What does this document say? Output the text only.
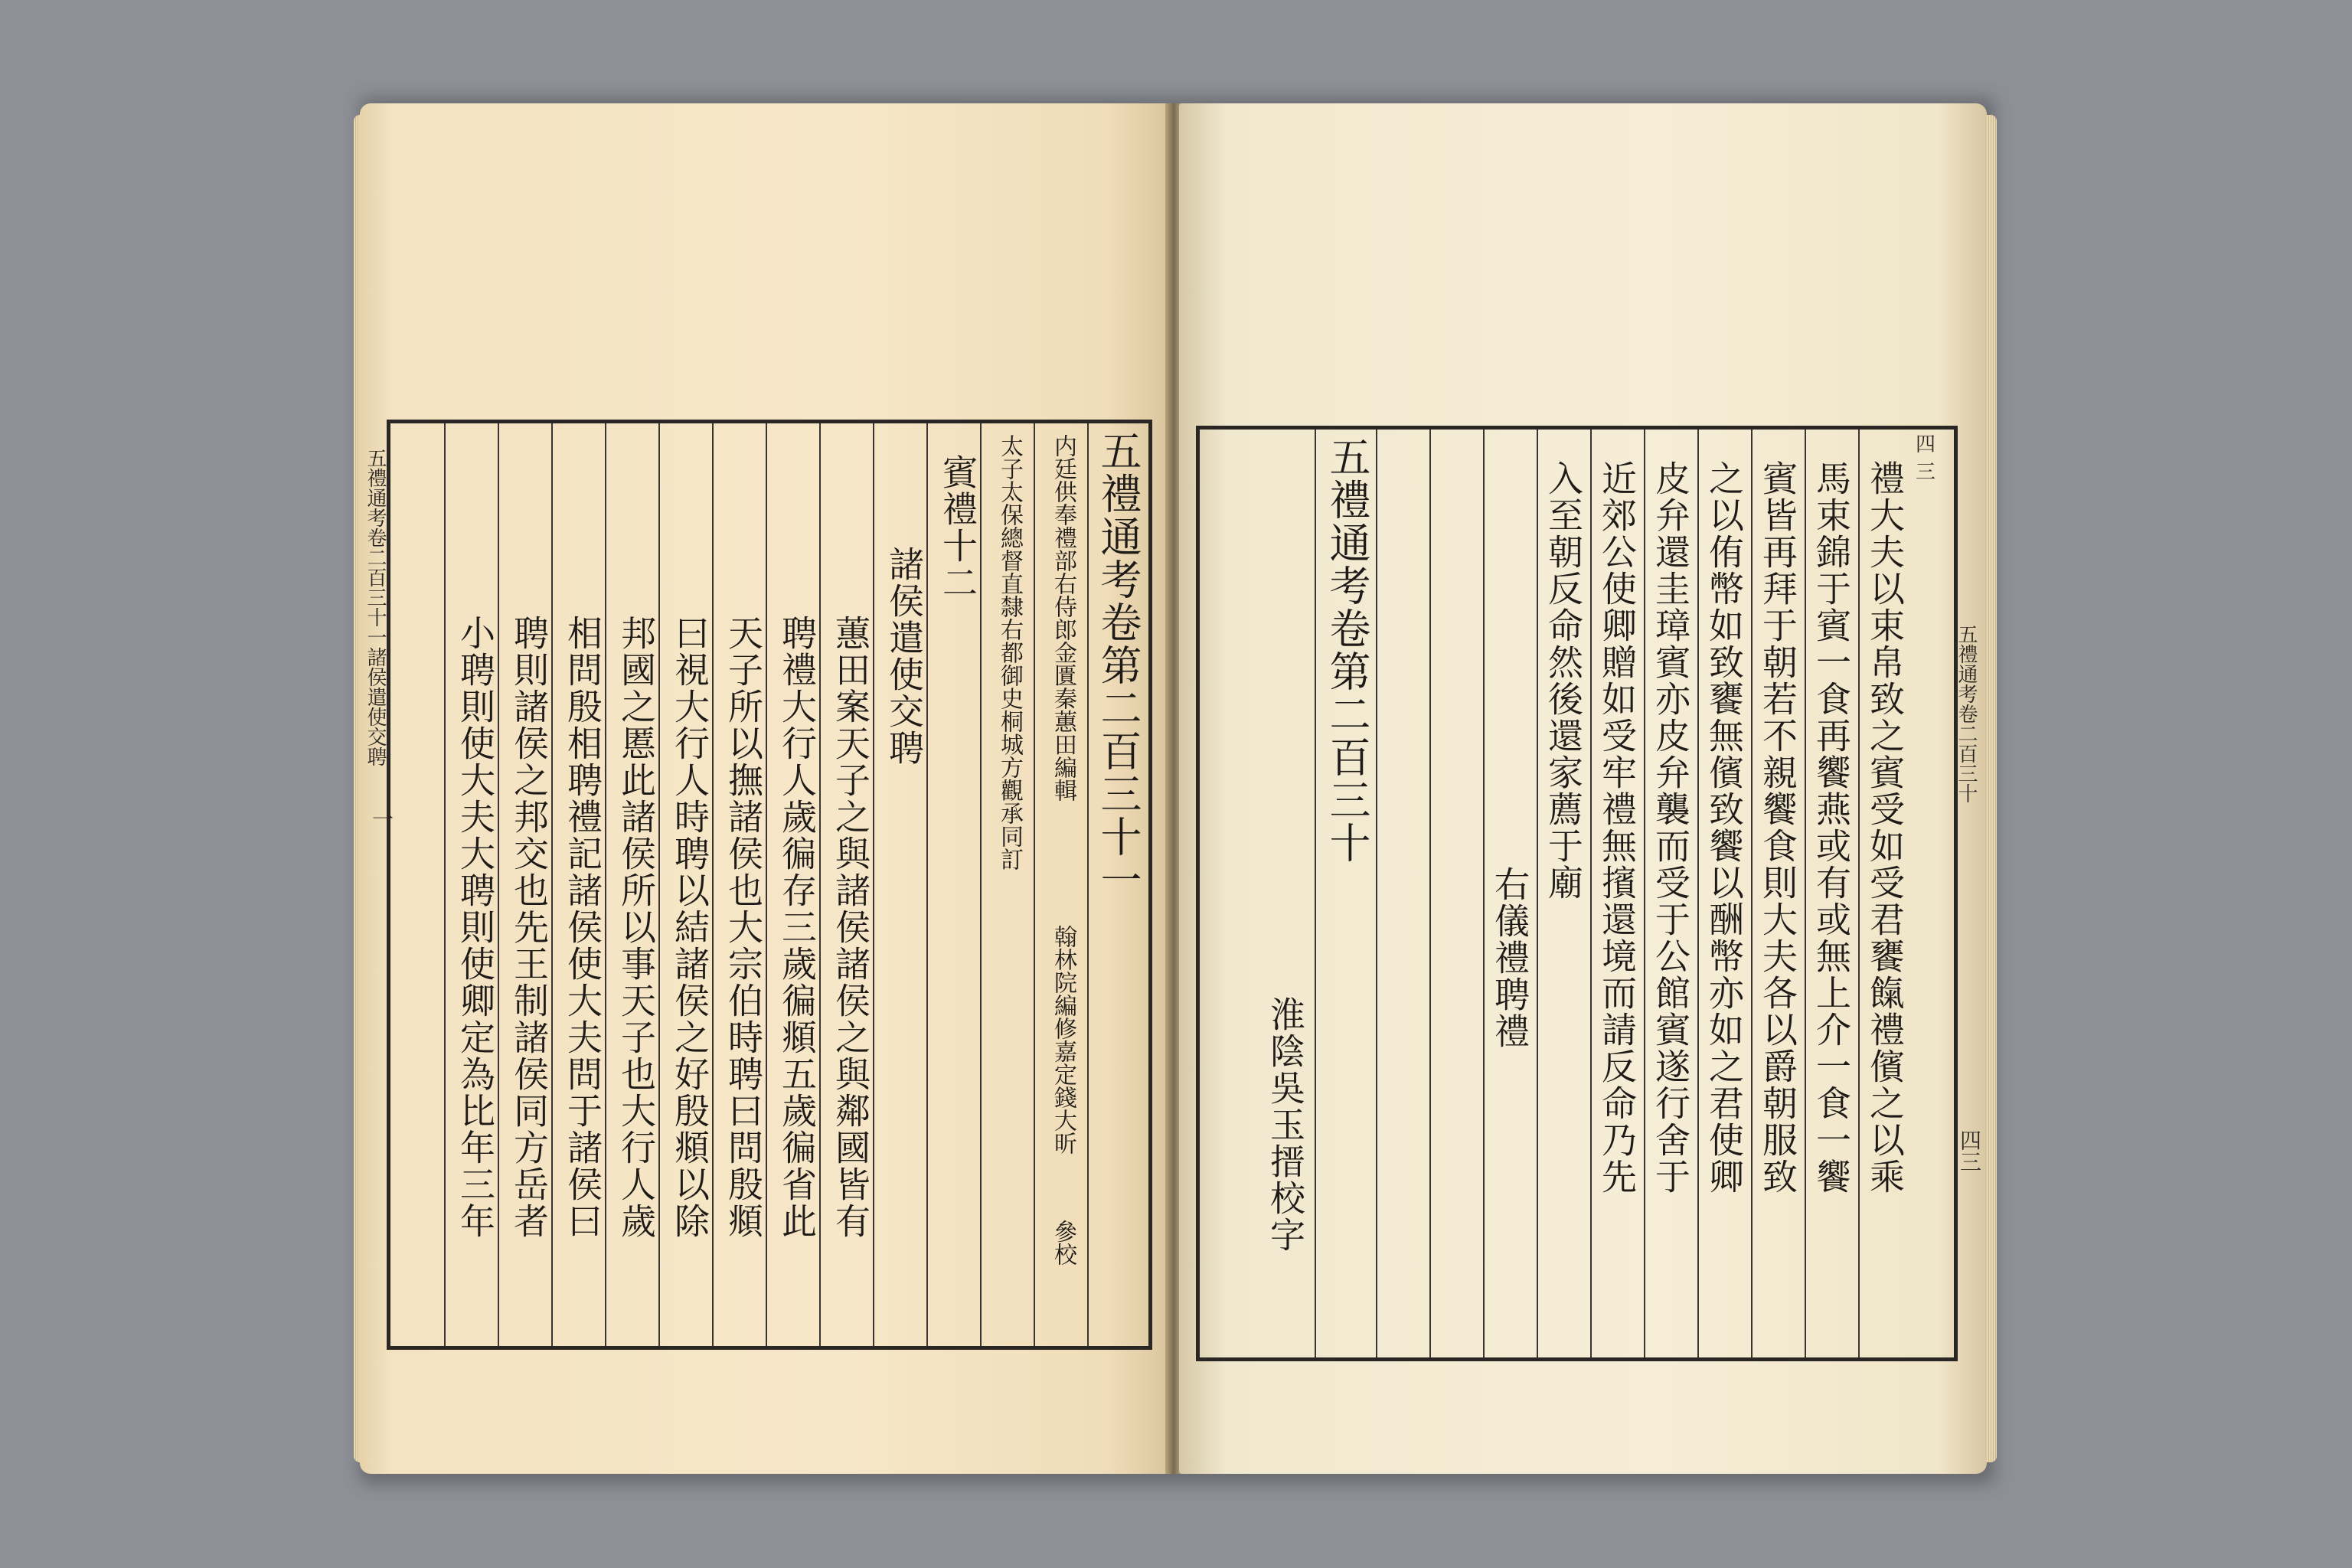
五禮通考卷二百三十一諸侯遣使交聘
一	五禮通考卷第二百三十一
内廷供奉禮部右侍郎金匱秦蕙田編輯
翰林院編修嘉定錢大昕
參校
太子太保總督直隸右都御史桐城方觀承同訂
賓禮十二
諸侯遣使交聘
蕙田案天子之與諸侯諸侯之與鄰國皆有
聘禮大行人歲徧存三歲徧頫五歲徧省此
天子所以撫諸侯也大宗伯時聘曰問殷頫
曰視大行人時聘以結諸侯之好殷頫以除
邦國之慝此諸侯所以事天子也大行人歲
相問殷相聘禮記諸侯使大夫問于諸侯曰
聘則諸侯之邦交也先王制諸侯同方岳者
小聘則使大夫大聘則使卿定為比年三年	五禮通考卷二百三十
四三
四三
禮大夫以束帛致之賓受如受君饔餼禮儐之以乘
馬束錦于賓一食再饗燕或有或無上介一食一饗
賓皆再拜于朝若不親饗食則大夫各以爵朝服致
之以侑幣如致饔無儐致饗以酬幣亦如之君使卿
皮弁還圭璋賓亦皮弁襲而受于公館賓遂行舍于
近郊公使卿贈如受牢禮無擯還境而請反命乃先
入至朝反命然後還家薦于廟
右儀禮聘禮
五禮通考卷第二百三十
淮陰吳玉搢校字
